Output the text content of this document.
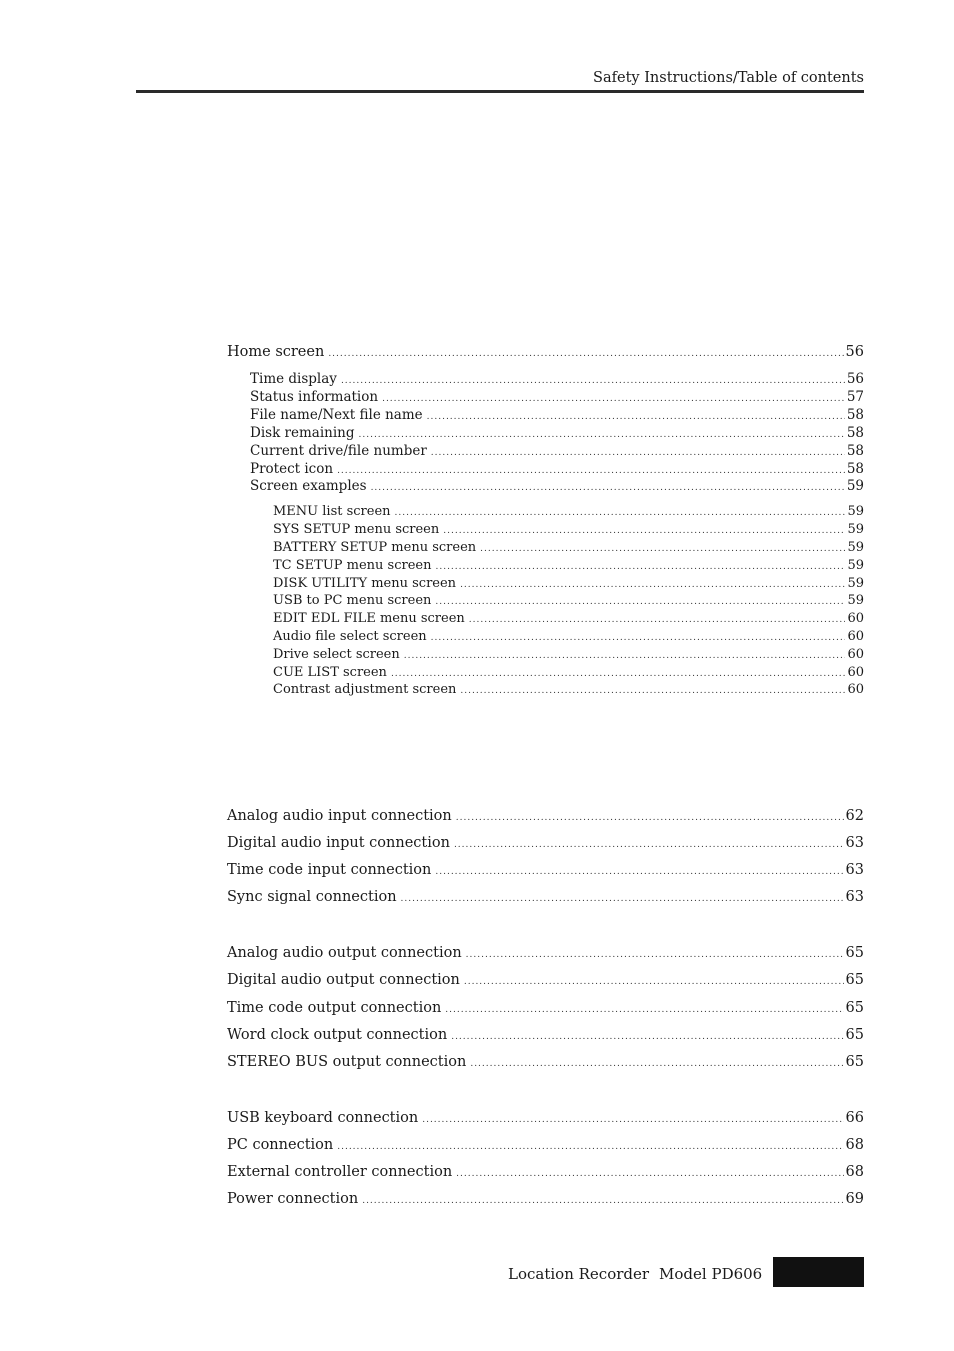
Safety Instructions/Table of contents
Home screen .....	56
Time display .....	56
Status information .....	57
File name/Next file name .....	58
Disk remaining .....	58
Current drive/file number .....	58
Protect icon .....	58
Screen examples .....	59
MENU list screen .....	59
SYS SETUP menu screen .....	59
BATTERY SETUP menu screen .....	59
TC SETUP menu screen .....	59
DISK UTILITY menu screen .....	59
USB to PC menu screen .....	59
EDIT EDL FILE menu screen .....	60
Audio file select screen .....	60
Drive select screen .....	60
CUE LIST screen .....	60
Contrast adjustment screen .....	60
Analog audio input connection .....	62
Digital audio input connection .....	63
Time code input connection .....	63
Sync signal connection .....	63
Analog audio output connection .....	65
Digital audio output connection .....	65
Time code output connection .....	65
Word clock output connection .....	65
STEREO BUS output connection .....	65
USB keyboard connection .....	66
PC connection .....	68
External controller connection .....	68
Power connection .....	69
Location Recorder Model PD606
